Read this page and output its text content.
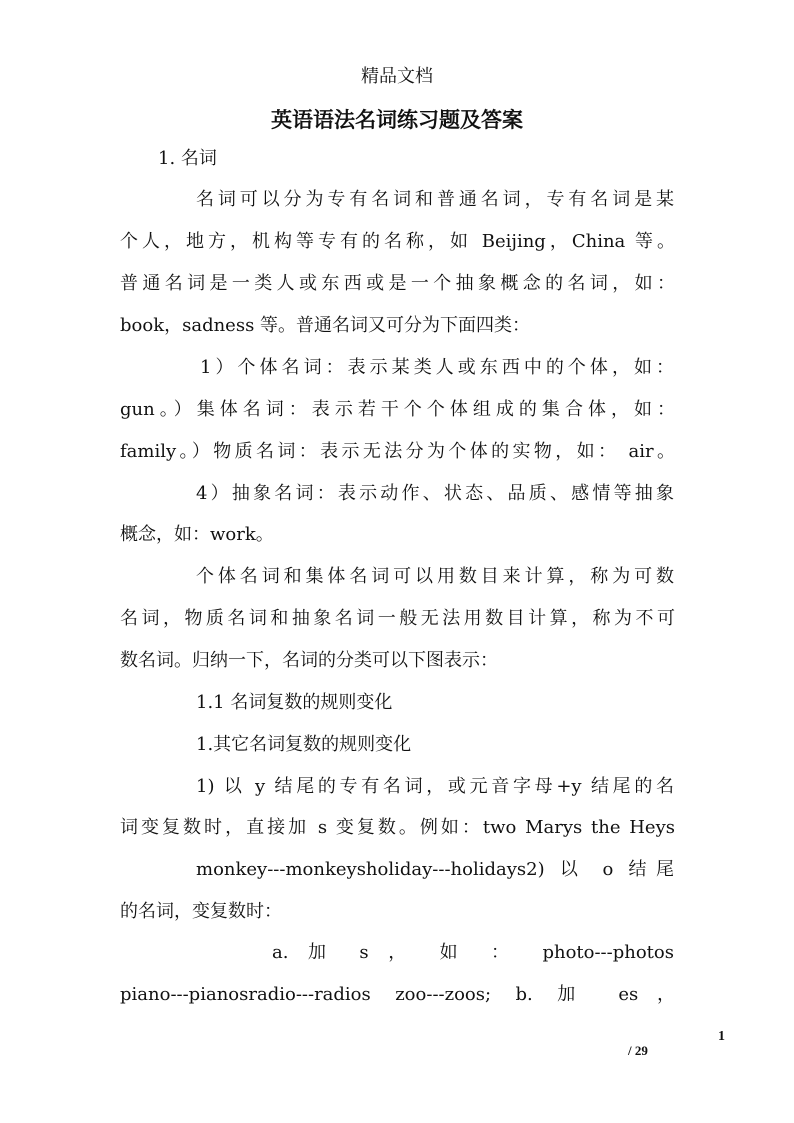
精品文档
英语语法名词练习题及答案
1. 名词
名词可以分为专有名词和普通名词，专有名词是某
个人，地方，机构等专有的名称，如 Beijing，China 等。
普通名词是一类人或东西或是一个抽象概念的名词，如：
book，sadness 等。普通名词又可分为下面四类：
1）个体名词：表示某类人或东西中的个体，如：
gun。）集体名词：表示若干个个体组成的集合体，如：
family。）物质名词：表示无法分为个体的实物，如： air。
4）抽象名词：表示动作、状态、品质、感情等抽象
概念，如：work。
个体名词和集体名词可以用数目来计算，称为可数
名词，物质名词和抽象名词一般无法用数目计算，称为不可
数名词。归纳一下，名词的分类可以下图表示：
1.1 名词复数的规则变化
1.其它名词复数的规则变化
1) 以 y 结尾的专有名词，或元音字母+y 结尾的名
词变复数时，直接加 s 变复数。例如：two Marys the Heys
monkey---monkeysholiday---holidays2) 以 o 结尾
的名词，变复数时：
a. 加 s ， 如 ： photo---photos
piano---pianosradio---radios zoo---zoos; b. 加 es，
1
/ 29
